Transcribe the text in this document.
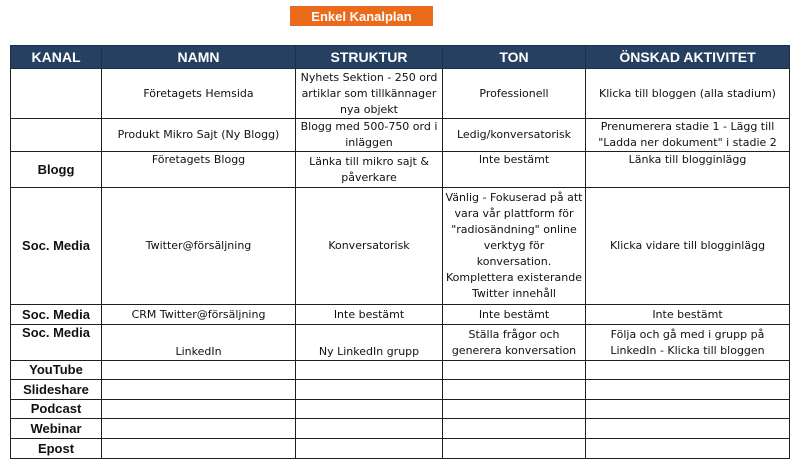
Enkel Kanalplan
KANAL	NAMN	STRUKTUR	TON	ÖNSKAD AKTIVITET
	Företagets Hemsida	Nyhets Sektion - 250 ord artiklar som tillkännager nya objekt	Professionell	Klicka till bloggen (alla stadium)
	Produkt Mikro Sajt (Ny Blogg)	Blogg med 500-750 ord i inläggen	Ledig/konversatorisk	Prenumerera stadie 1 - Lägg till "Ladda ner dokument" i stadie 2
Blogg	Företagets Blogg	Länka till mikro sajt & påverkare	Inte bestämt	Länka till blogginlägg
Soc. Media	Twitter@försäljning	Konversatorisk	Vänlig - Fokuserad på att vara vår plattform för "radiosändning" online verktyg för konversation. Komplettera existerande Twitter innehåll	Klicka vidare till blogginlägg
Soc. Media	CRM Twitter@försäljning	Inte bestämt	Inte bestämt	Inte bestämt
Soc. Media	LinkedIn	Ny LinkedIn grupp	Ställa frågor och generera konversation	Följa och gå med i grupp på LinkedIn - Klicka till bloggen
YouTube				
Slideshare				
Podcast				
Webinar				
Epost				
